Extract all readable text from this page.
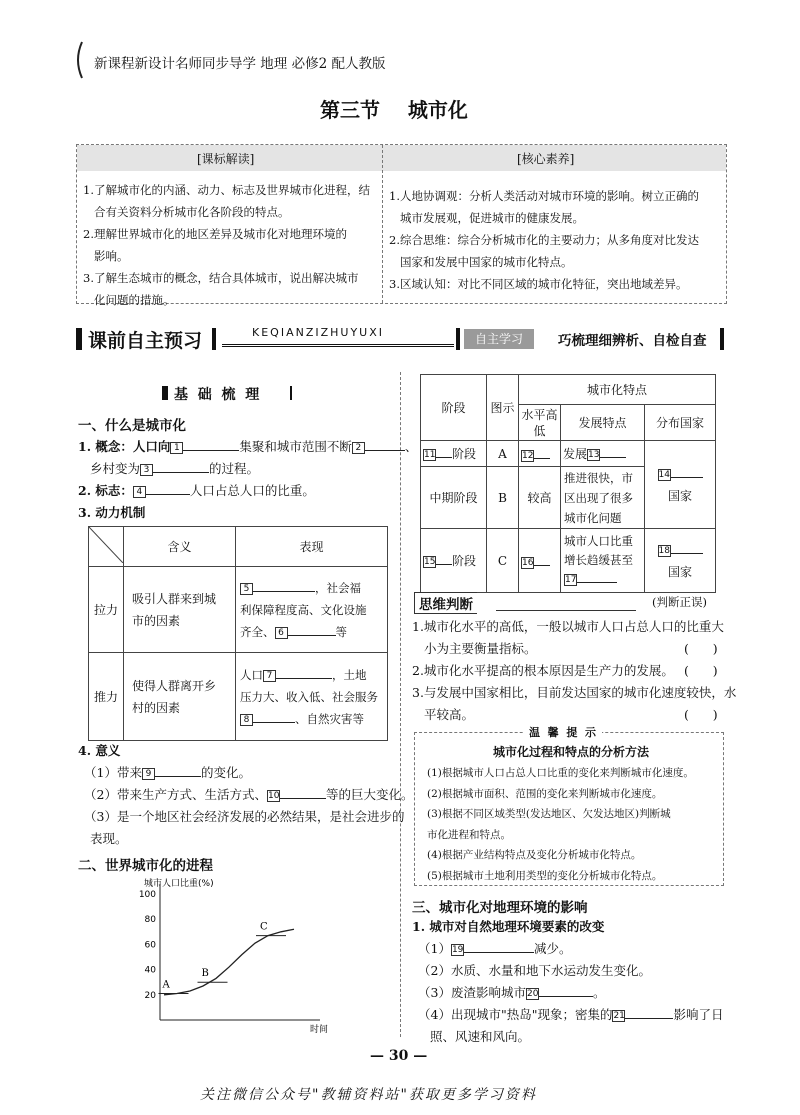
新课程新设计名师同步导学 地理 必修2 配人教版
第三节    城市化
[课标解读]	[核心素养]
1.了解城市化的内涵、动力、标志及世界城市化进程，结
合有关资料分析城市化各阶段的特点。
2.理解世界城市化的地区差异及城市化对地理环境的
影响。
3.了解生态城市的概念，结合具体城市，说出解决城市
化问题的措施。
1.人地协调观：分析人类活动对城市环境的影响。树立正确的
城市发展观，促进城市的健康发展。
2.综合思维：综合分析城市化的主要动力；从多角度对比发达
国家和发展中国家的城市化特点。
3.区域认知：对比不同区域的城市化特征，突出地域差异。
课前自主预习	KEQIANZIZHUYUXI	自主学习	巧梳理细辨析、自检自查
基  础  梳  理
一、什么是城市化
1. 概念：人口向 1	集聚和城市范围不断 2	、
乡村变为 3	的过程。
2. 标志： 4	人口占总人口的比重。
3. 动力机制
	含义	表现
拉力	吸引人群来到城市的因素	5 ，社会福
利保障程度高、文化设施
齐全、 6 等
推力	使得人群离开乡村的因素	人口 7 ，土地
压力大、收入低、社会服务
8 、自然灾害等
4. 意义
（1）带来 9	的变化。
（2）带来生产方式、生活方式、10	等的巨大变化。
（3）是一个地区社会经济发展的必然结果，是社会进步的
表现。
二、世界城市化的进程
城市人口比重(%)
时间
20
40
60
80
100
A
B
C
阶段	图示	城市化特点		
		水平高低	发展特点	分布国家
11 阶段	A	12	发展13	14
国家
中期阶段	B	较高	推进很快，市区出现了很多城市化问题	
15 阶段	C	16	城市人口比重增长趋缓甚至17	18
国家
思维判断	(判断正误)
1.城市化水平的高低，一般以城市人口占总人口的比重大
小为主要衡量指标。	(      )
2.城市化水平提高的根本原因是生产力的发展。 (      )
3.与发展中国家相比，目前发达国家的城市化速度较快，水
平较高。	(      )
温  馨  提  示
城市化过程和特点的分析方法
(1)根据城市人口占总人口比重的变化来判断城市化速度。
(2)根据城市面积、范围的变化来判断城市化速度。
(3)根据不同区域类型(发达地区、欠发达地区)判断城
市化进程和特点。
(4)根据产业结构特点及变化分析城市化特点。
(5)根据城市土地利用类型的变化分析城市化特点。
三、城市化对地理环境的影响
1. 城市对自然地理环境要素的改变
（1）19	减少。
（2）水质、水量和地下水运动发生变化。
（3）废渣影响城市20	。
（4）出现城市"热岛"现象；密集的21	影响了日
照、风速和风向。
— 30 —
关注微信公众号"教辅资料站"获取更多学习资料
